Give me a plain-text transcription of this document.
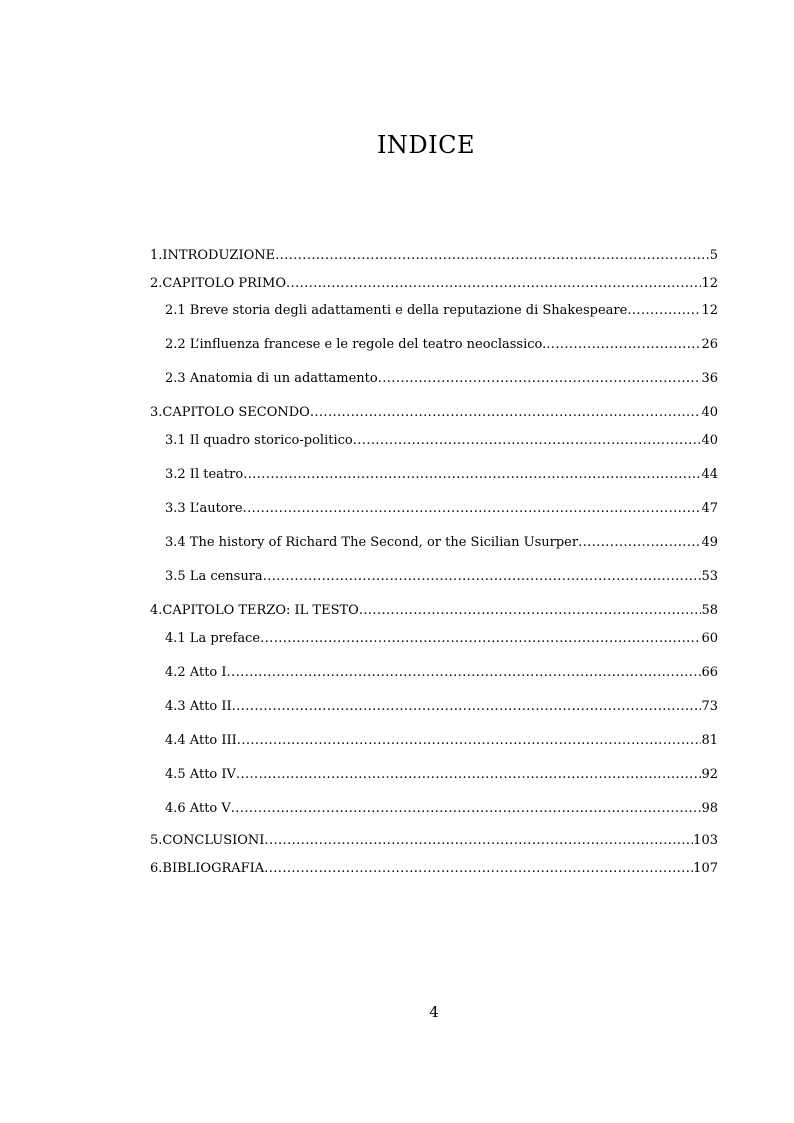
INDICE
1.INTRODUZIONE .....	5
2.CAPITOLO PRIMO .....	12
2.1 Breve storia degli adattamenti e della reputazione di Shakespeare .....	12
2.2 L’influenza francese e le regole del teatro neoclassico. .....	26
2.3 Anatomia di un adattamento .....	36
3.CAPITOLO SECONDO .....	40
3.1 Il quadro storico-politico .....	40
3.2 Il teatro .....	44
3.3 L’autore .....	47
3.4 The history of Richard The Second, or the Sicilian Usurper .....	49
3.5 La censura .....	53
4.CAPITOLO TERZO: IL TESTO .....	58
4.1 La preface .....	60
4.2 Atto I .....	66
4.3 Atto II .....	73
4.4 Atto III .....	81
4.5 Atto IV .....	92
4.6 Atto V .....	98
5.CONCLUSIONI .....	103
6.BIBLIOGRAFIA .....	107
4
